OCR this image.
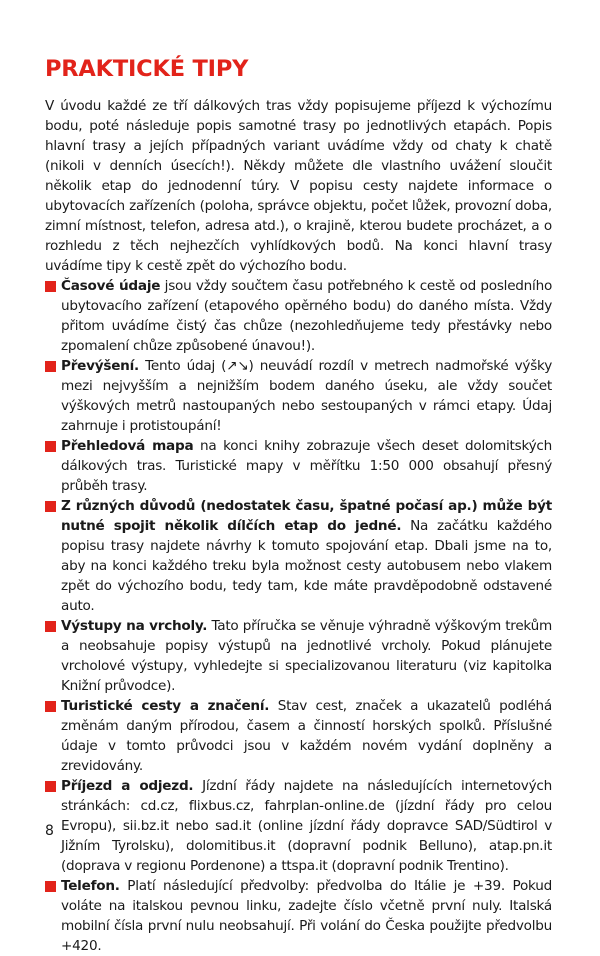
PRAKTICKÉ TIPY

V úvodu každé ze tří dálkových tras vždy popisujeme příjezd k výchozímu bodu, poté následuje popis samotné trasy po jednotlivých etapách. Popis hlavní trasy a jejích případných variant uvádíme vždy od chaty k chatě (nikoli v denních úsecích!). Někdy můžete dle vlastního uvážení sloučit několik etap do jednodenní túry. V popisu cesty najdete informace o ubytovacích zařízeních (poloha, správce objektu, počet lůžek, provozní doba, zimní místnost, telefon, adresa atd.), o krajině, kterou budete procházet, a o rozhledu z těch nejhezčích vyhlídkových bodů. Na konci hlavní trasy uvádíme tipy k cestě zpět do výchozího bodu.

Časové údaje jsou vždy součtem času potřebného k cestě od posledního ubytovacího zařízení (etapového opěrného bodu) do daného místa. Vždy přitom uvádíme čistý čas chůze (nezohledňujeme tedy přestávky nebo zpomalení chůze způsobené únavou!).
Převýšení. Tento údaj (↗↘) neuvádí rozdíl v metrech nadmořské výšky mezi nejvyšším a nejnižším bodem daného úseku, ale vždy součet výškových metrů nastoupaných nebo sestoupaných v rámci etapy. Údaj zahrnuje i protistoupání!
Přehledová mapa na konci knihy zobrazuje všech deset dolomitských dálkových tras. Turistické mapy v měřítku 1:50 000 obsahují přesný průběh trasy.
Z různých důvodů (nedostatek času, špatné počasí ap.) může být nutné spojit několik dílčích etap do jedné. Na začátku každého popisu trasy najdete návrhy k tomuto spojování etap. Dbali jsme na to, aby na konci každého treku byla možnost cesty autobusem nebo vlakem zpět do výchozího bodu, tedy tam, kde máte pravděpodobně odstavené auto.
Výstupy na vrcholy. Tato příručka se věnuje výhradně výškovým trekům a neobsahuje popisy výstupů na jednotlivé vrcholy. Pokud plánujete vrcholové výstupy, vyhledejte si specializovanou literaturu (viz kapitolka Knižní průvodce).
Turistické cesty a značení. Stav cest, značek a ukazatelů podléhá změnám daným přírodou, časem a činností horských spolků. Příslušné údaje v tomto průvodci jsou v každém novém vydání doplněny a zrevidovány.
Příjezd a odjezd. Jízdní řády najdete na následujících internetových stránkách: cd.cz, flixbus.cz, fahrplan-online.de (jízdní řády pro celou Evropu), sii.bz.it nebo sad.it (online jízdní řády dopravce SAD/Südtirol v Jižním Tyrolsku), dolomitibus.it (dopravní podnik Belluno), atap.pn.it (doprava v regionu Pordenone) a ttspa.it (dopravní podnik Trentino).
Telefon. Platí následující předvolby: předvolba do Itálie je +39. Pokud voláte na italskou pevnou linku, zadejte číslo včetně první nuly. Italská mobilní čísla první nulu neobsahují. Při volání do Česka použijte předvolbu +420.
8
